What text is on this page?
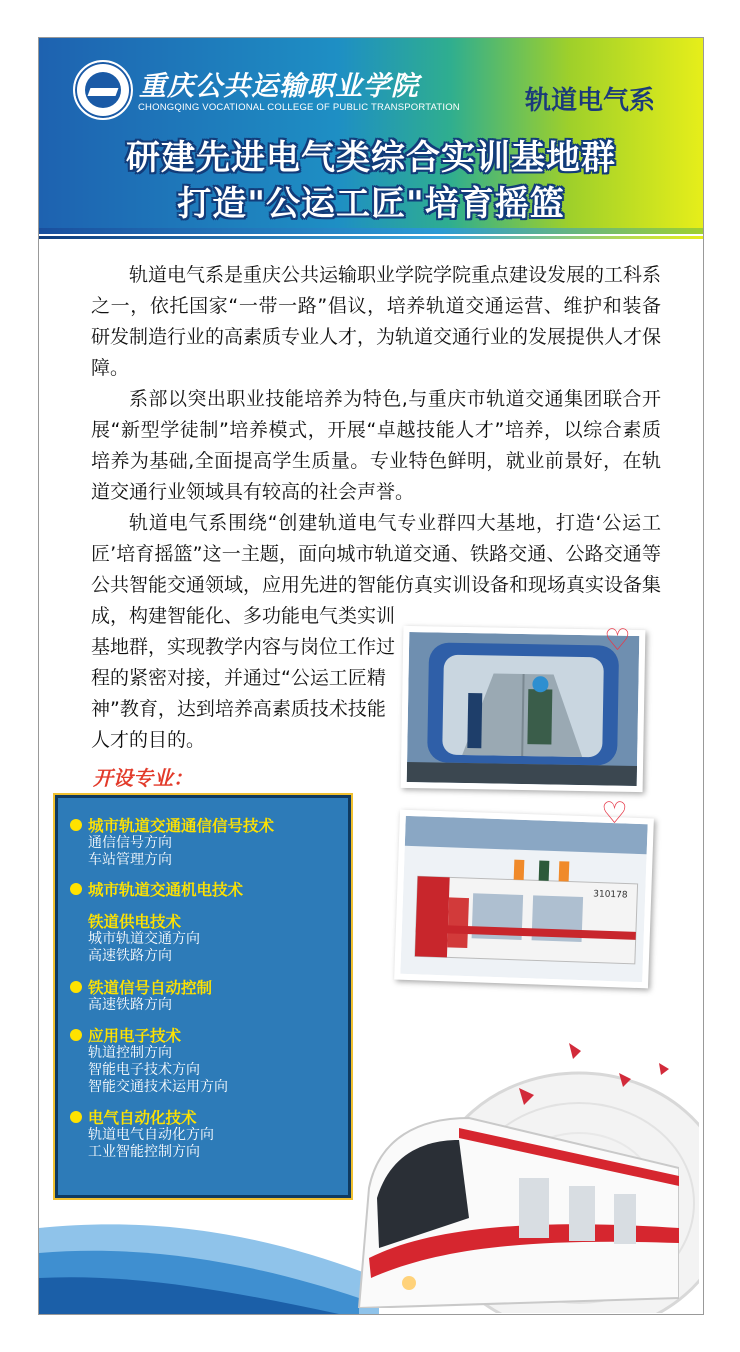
重庆公共运输职业学院
CHONGQING VOCATIONAL COLLEGE OF PUBLIC TRANSPORTATION	轨道电气系
研建先进电气类综合实训基地群
打造"公运工匠"培育摇篮

轨道电气系是重庆公共运输职业学院学院重点建设发展的工科系之一，依托国家“一带一路”倡议，培养轨道交通运营、维护和装备研发制造行业的高素质专业人才，为轨道交通行业的发展提供人才保障。

系部以突出职业技能培养为特色,与重庆市轨道交通集团联合开展“新型学徒制”培养模式，开展“卓越技能人才”培养，以综合素质培养为基础,全面提高学生质量。专业特色鲜明，就业前景好，在轨道交通行业领域具有较高的社会声誉。

轨道电气系围绕“创建轨道电气专业群四大基地，打造‘公运工匠’培育摇篮”这一主题，面向城市轨道交通、铁路交通、公路交通等公共智能交通领域，应用先进的智能仿真实训设备和现场真实设备集成，构建智能化、多功能电气类实训

基地群，实现教学内容与岗位工作过程的紧密对接，并通过“公运工匠精神”教育，达到培养高素质技术技能人才的目的。

♡
310178
♡
开设专业：
城市轨道交通通信信号技术
通信信号方向
车站管理方向
城市轨道交通机电技术
铁道供电技术
城市轨道交通方向
高速铁路方向
铁道信号自动控制
高速铁路方向
应用电子技术
轨道控制方向
智能电子技术方向
智能交通技术运用方向
电气自动化技术
轨道电气自动化方向
工业智能控制方向
